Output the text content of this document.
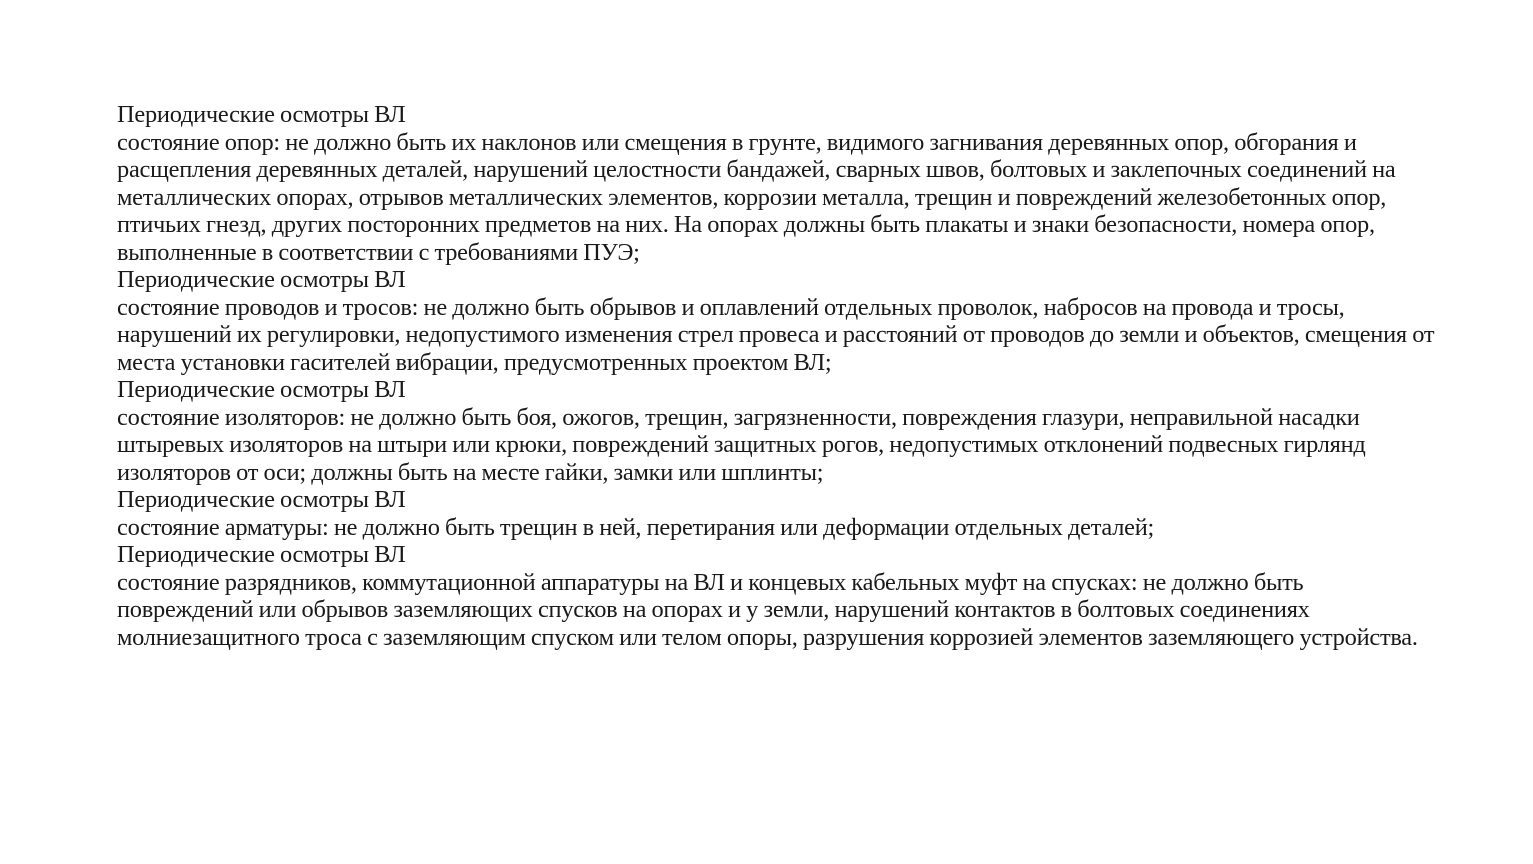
Периодические осмотры ВЛ
состояние опор: не должно быть их наклонов или смещения в грунте, видимого загнивания деревянных опор, обгорания и расщепления деревянных деталей, нарушений целостности бандажей, сварных швов, болтовых и заклепочных соединений на металлических опорах, отрывов металлических элементов, коррозии металла, трещин и повреждений железобетонных опор, птичьих гнезд, других посторонних предметов на них. На опорах должны быть плакаты и знаки безопасности, номера опор, выполненные в соответствии с требованиями ПУЭ;
Периодические осмотры ВЛ
состояние проводов и тросов: не должно быть обрывов и оплавлений отдельных проволок, набросов на провода и тросы, нарушений их регулировки, недопустимого изменения стрел провеса и расстояний от проводов до земли и объектов, смещения от места установки гасителей вибрации, предусмотренных проектом ВЛ;
Периодические осмотры ВЛ
состояние изоляторов: не должно быть боя, ожогов, трещин, загрязненности, повреждения глазури, неправильной насадки штыревых изоляторов на штыри или крюки, повреждений защитных рогов, недопустимых отклонений подвесных гирлянд изоляторов от оси; должны быть на месте гайки, замки или шплинты;
Периодические осмотры ВЛ
состояние арматуры: не должно быть трещин в ней, перетирания или деформации отдельных деталей;
Периодические осмотры ВЛ
состояние разрядников, коммутационной аппаратуры на ВЛ и концевых кабельных муфт на спусках: не должно быть повреждений или обрывов заземляющих спусков на опорах и у земли, нарушений контактов в болтовых соединениях молниезащитного троса с заземляющим спуском или телом опоры, разрушения коррозией элементов заземляющего устройства.
